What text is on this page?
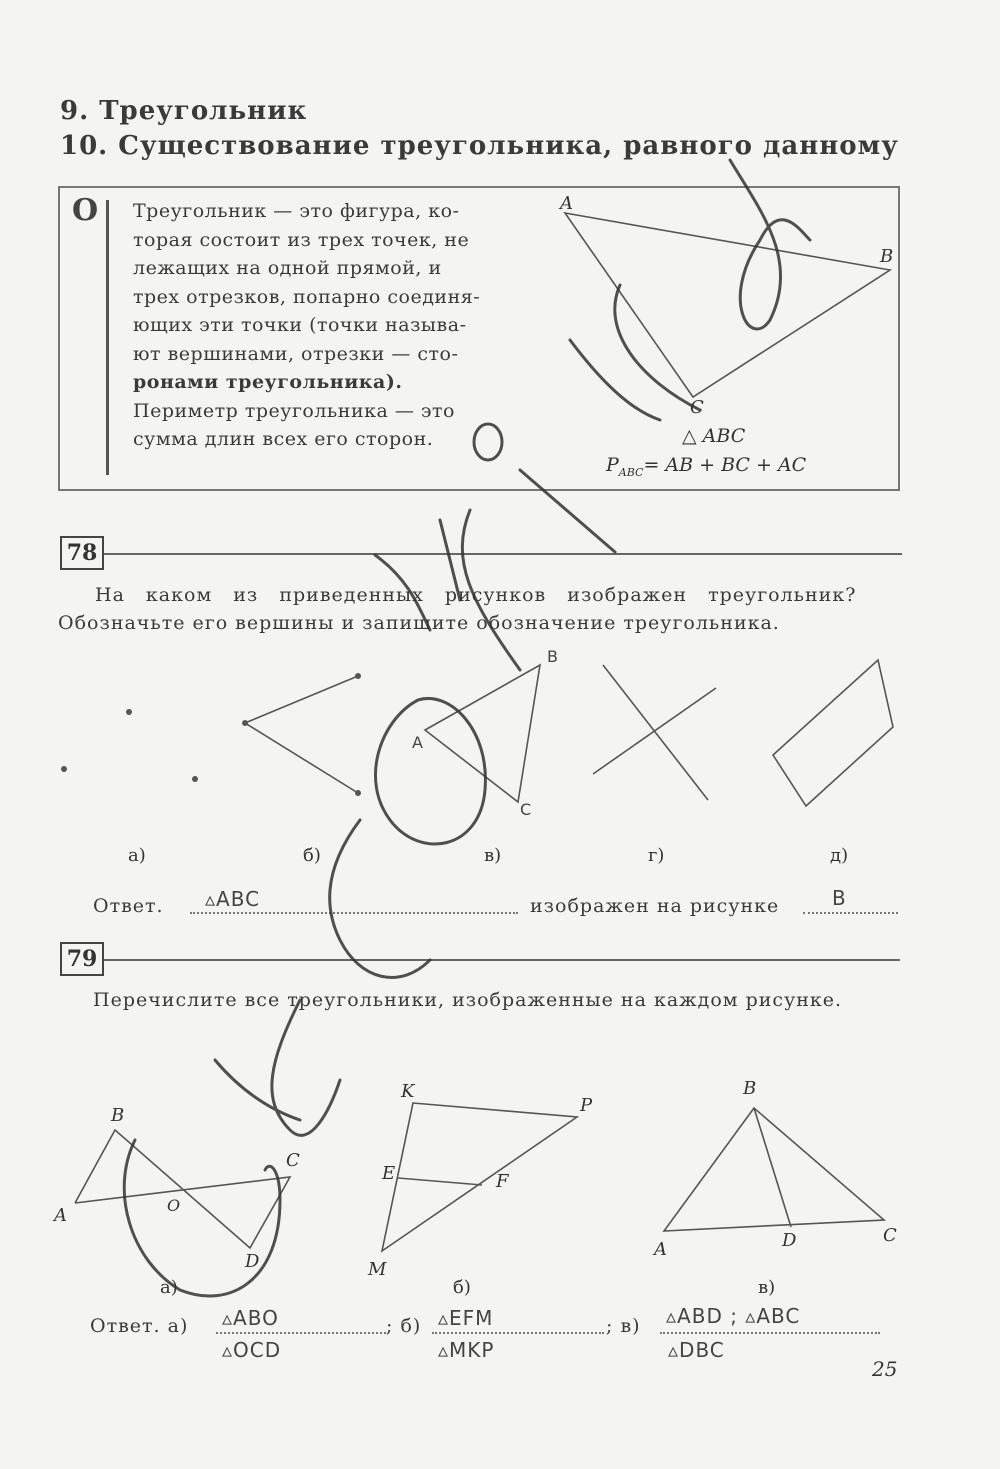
9. Треугольник
10. Существование треугольника, равного данному
О Треугольник — это фигура, ко-
торая состоит из трех точек, не
лежащих на одной прямой, и
трех отрезков, попарно соединя-
ющих эти точки (точки называ-
ют вершинами, отрезки — сто-
ронами треугольника).
Периметр треугольника — это
сумма длин всех его сторон.
A
B
C
△ ABC
$P_{ABC}=$ AB + BC + AC
78
На каком из приведенных рисунков изображен треугольник?
Обозначьте его вершины и запишите обозначение треугольника.
а)	б)	в)	г)	д)
A
B
C
Ответ. ▵ABC	изображен на рисунке	В
79
Перечислите все треугольники, изображенные на каждом рисунке.
B
A
C
O
D
а)
K
P
E	F
M
б)
B
A	D	C
в)
Ответ. а) ▵ABO
▵OCD
; б) ▵EFM
▵MKP
; в) ▵ABD ; ▵ABC
▵DBC
25
